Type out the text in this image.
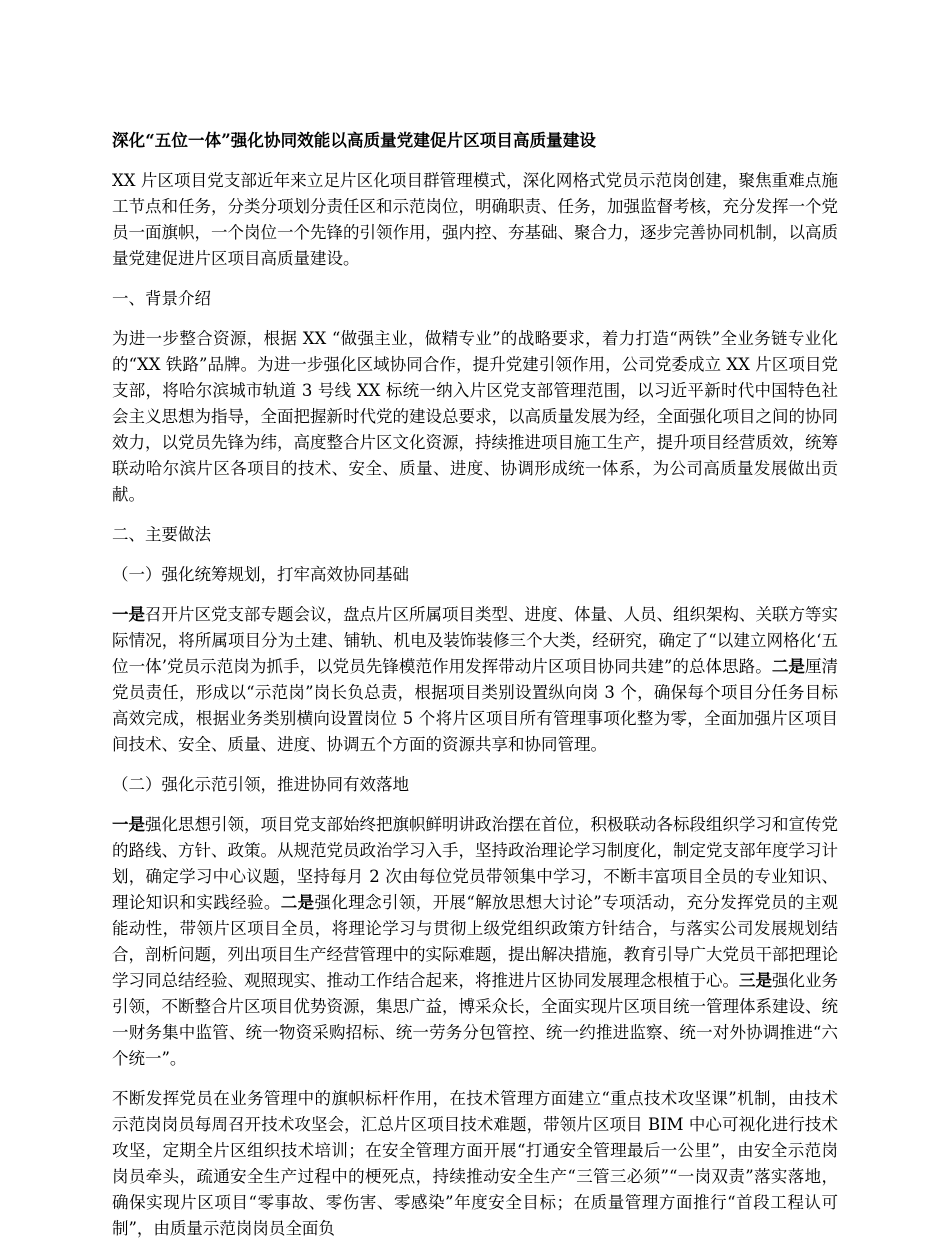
深化“五位一体”强化协同效能以高质量党建促片区项目高质量建设

XX 片区项目党支部近年来立足片区化项目群管理模式，深化网格式党员示范岗创建，聚焦重难点施工节点和任务，分类分项划分责任区和示范岗位，明确职责、任务，加强监督考核，充分发挥一个党员一面旗帜，一个岗位一个先锋的引领作用，强内控、夯基础、聚合力，逐步完善协同机制，以高质量党建促进片区项目高质量建设。

一、背景介绍

为进一步整合资源，根据 XX “做强主业，做精专业”的战略要求，着力打造“两铁”全业务链专业化的“XX 铁路”品牌。为进一步强化区域协同合作，提升党建引领作用，公司党委成立 XX 片区项目党支部，将哈尔滨城市轨道 3 号线 XX 标统一纳入片区党支部管理范围，以习近平新时代中国特色社会主义思想为指导，全面把握新时代党的建设总要求，以高质量发展为经，全面强化项目之间的协同效力，以党员先锋为纬，高度整合片区文化资源，持续推进项目施工生产，提升项目经营质效，统筹联动哈尔滨片区各项目的技术、安全、质量、进度、协调形成统一体系，为公司高质量发展做出贡献。

二、主要做法

（一）强化统筹规划，打牢高效协同基础

一是召开片区党支部专题会议，盘点片区所属项目类型、进度、体量、人员、组织架构、关联方等实际情况，将所属项目分为土建、铺轨、机电及装饰装修三个大类，经研究，确定了“以建立网格化‘五位一体’党员示范岗为抓手，以党员先锋模范作用发挥带动片区项目协同共建”的总体思路。二是厘清党员责任，形成以“示范岗”岗长负总责，根据项目类别设置纵向岗 3 个，确保每个项目分任务目标高效完成，根据业务类别横向设置岗位 5 个将片区项目所有管理事项化整为零，全面加强片区项目间技术、安全、质量、进度、协调五个方面的资源共享和协同管理。

（二）强化示范引领，推进协同有效落地

一是强化思想引领，项目党支部始终把旗帜鲜明讲政治摆在首位，积极联动各标段组织学习和宣传党的路线、方针、政策。从规范党员政治学习入手，坚持政治理论学习制度化，制定党支部年度学习计划，确定学习中心议题，坚持每月 2 次由每位党员带领集中学习，不断丰富项目全员的专业知识、理论知识和实践经验。二是强化理念引领，开展“解放思想大讨论”专项活动，充分发挥党员的主观能动性，带领片区项目全员，将理论学习与贯彻上级党组织政策方针结合，与落实公司发展规划结合，剖析问题，列出项目生产经营管理中的实际难题，提出解决措施，教育引导广大党员干部把理论学习同总结经验、观照现实、推动工作结合起来，将推进片区协同发展理念根植于心。三是强化业务引领，不断整合片区项目优势资源，集思广益，博采众长，全面实现片区项目统一管理体系建设、统一财务集中监管、统一物资采购招标、统一劳务分包管控、统一约推进监察、统一对外协调推进“六个统一”。

不断发挥党员在业务管理中的旗帜标杆作用，在技术管理方面建立“重点技术攻坚课”机制，由技术示范岗岗员每周召开技术攻坚会，汇总片区项目技术难题，带领片区项目 BIM 中心可视化进行技术攻坚，定期全片区组织技术培训；在安全管理方面开展“打通安全管理最后一公里”，由安全示范岗岗员牵头，疏通安全生产过程中的梗死点，持续推动安全生产“三管三必须”“一岗双责”落实落地，确保实现片区项目“零事故、零伤害、零感染”年度安全目标；在质量管理方面推行“首段工程认可制”，由质量示范岗岗员全面负
